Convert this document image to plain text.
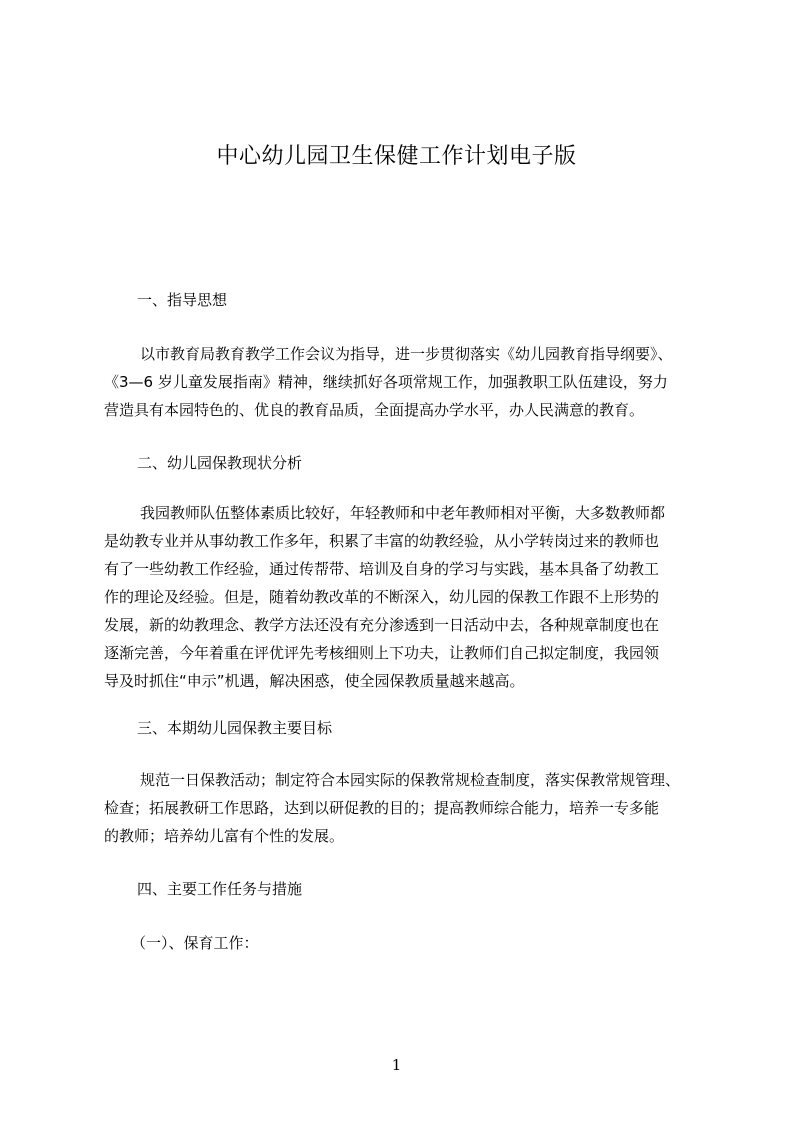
中心幼儿园卫生保健工作计划电子版

一、指导思想

以市教育局教育教学工作会议为指导，进一步贯彻落实《幼儿园教育指导纲要》、
《3—6 岁儿童发展指南》精神，继续抓好各项常规工作，加强教职工队伍建设，努力
营造具有本园特色的、优良的教育品质，全面提高办学水平，办人民满意的教育。

二、幼儿园保教现状分析

我园教师队伍整体素质比较好，年轻教师和中老年教师相对平衡，大多数教师都
是幼教专业并从事幼教工作多年，积累了丰富的幼教经验，从小学转岗过来的教师也
有了一些幼教工作经验，通过传帮带、培训及自身的学习与实践，基本具备了幼教工
作的理论及经验。但是，随着幼教改革的不断深入，幼儿园的保教工作跟不上形势的
发展，新的幼教理念、教学方法还没有充分渗透到一日活动中去，各种规章制度也在
逐渐完善，今年着重在评优评先考核细则上下功夫，让教师们自己拟定制度，我园领
导及时抓住“申示”机遇，解决困惑，使全园保教质量越来越高。

三、本期幼儿园保教主要目标

规范一日保教活动；制定符合本园实际的保教常规检查制度，落实保教常规管理、
检查；拓展教研工作思路，达到以研促教的目的；提高教师综合能力，培养一专多能
的教师；培养幼儿富有个性的发展。

四、主要工作任务与措施

（一）、保育工作：

1
